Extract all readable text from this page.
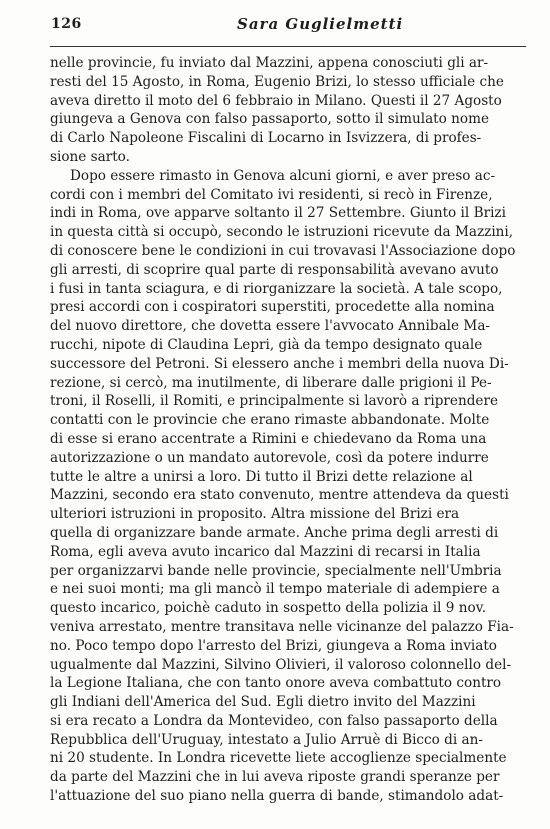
126	Sara Guglielmetti
nelle provincie, fu inviato dal Mazzini, appena conosciuti gli ar-
resti del 15 Agosto, in Roma, Eugenio Brizi, lo stesso ufficiale che
aveva diretto il moto del 6 febbraio in Milano. Questi il 27 Agosto
giungeva a Genova con falso passaporto, sotto il simulato nome
di Carlo Napoleone Fiscalini di Locarno in Isvizzera, di profes-
sione sarto.
Dopo essere rimasto in Genova alcuni giorni, e aver preso ac-
cordi con i membri del Comitato ivi residenti, si recò in Firenze,
indi in Roma, ove apparve soltanto il 27 Settembre. Giunto il Brizi
in questa città si occupò, secondo le istruzioni ricevute da Mazzini,
di conoscere bene le condizioni in cui trovavasi l'Associazione dopo
gli arresti, di scoprire qual parte di responsabilità avevano avuto
i fusi in tanta sciagura, e di riorganizzare la società. A tale scopo,
presi accordi con i cospiratori superstiti, procedette alla nomina
del nuovo direttore, che dovetta essere l'avvocato Annibale Ma-
rucchi, nipote di Claudina Lepri, già da tempo designato quale
successore del Petroni. Si elessero anche i membri della nuova Di-
rezione, si cercò, ma inutilmente, di liberare dalle prigioni il Pe-
troni, il Roselli, il Romiti, e principalmente si lavorò a riprendere
contatti con le provincie che erano rimaste abbandonate. Molte
di esse si erano accentrate a Rimini e chiedevano da Roma una
autorizzazione o un mandato autorevole, così da potere indurre
tutte le altre a unirsi a loro. Di tutto il Brizi dette relazione al
Mazzini, secondo era stato convenuto, mentre attendeva da questi
ulteriori istruzioni in proposito. Altra missione del Brizi era
quella di organizzare bande armate. Anche prima degli arresti di
Roma, egli aveva avuto incarico dal Mazzini di recarsi in Italia
per organizzarvi bande nelle provincie, specialmente nell'Umbria
e nei suoi monti; ma gli mancò il tempo materiale di adempiere a
questo incarico, poichè caduto in sospetto della polizia il 9 nov.
veniva arrestato, mentre transitava nelle vicinanze del palazzo Fia-
no. Poco tempo dopo l'arresto del Brizi, giungeva a Roma inviato
ugualmente dal Mazzini, Silvino Olivieri, il valoroso colonnello del-
la Legione Italiana, che con tanto onore aveva combattuto contro
gli Indiani dell'America del Sud. Egli dietro invito del Mazzini
si era recato a Londra da Montevideo, con falso passaporto della
Repubblica dell'Uruguay, intestato a Julio Arruè di Bicco di an-
ni 20 studente. In Londra ricevette liete accoglienze specialmente
da parte del Mazzini che in lui aveva riposte grandi speranze per
l'attuazione del suo piano nella guerra di bande, stimandolo adat-
